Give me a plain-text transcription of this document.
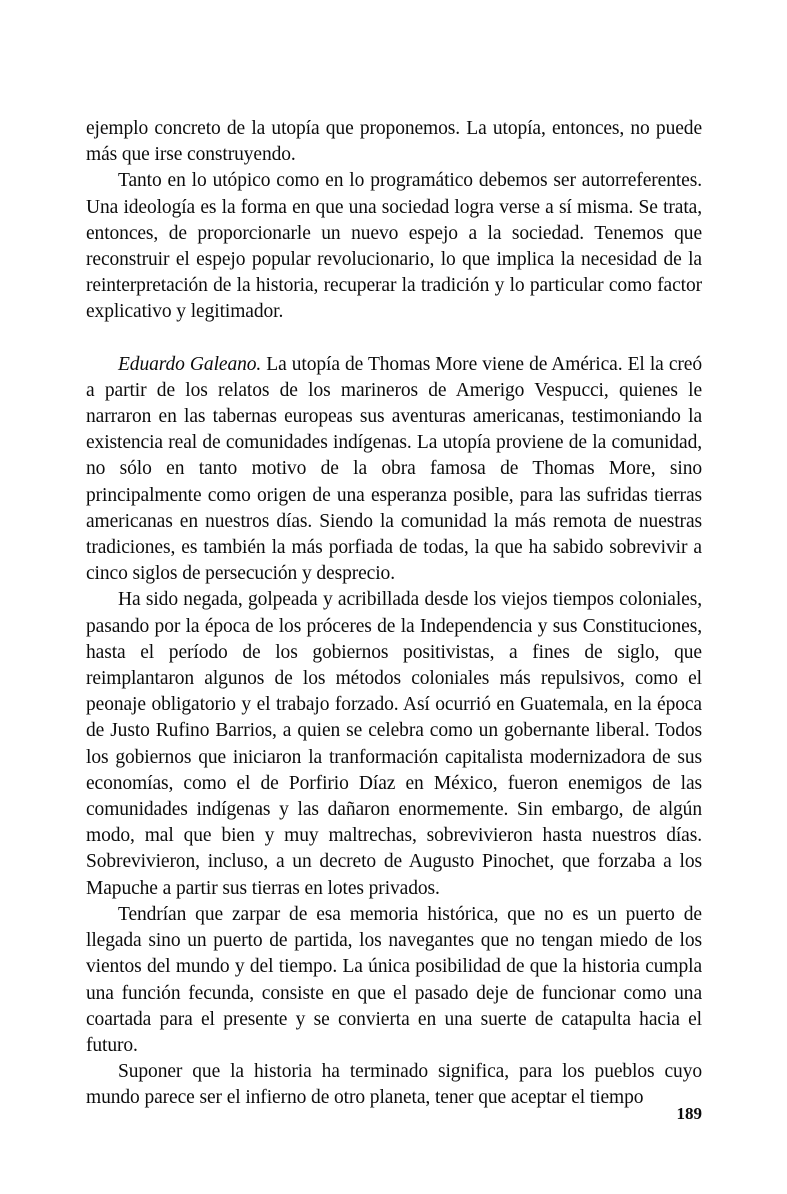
ejemplo concreto de la utopía que proponemos. La utopía, entonces, no puede más que irse construyendo.

Tanto en lo utópico como en lo programático debemos ser autorreferentes. Una ideología es la forma en que una sociedad logra verse a sí misma. Se trata, entonces, de proporcionarle un nuevo espejo a la sociedad. Tenemos que reconstruir el espejo popular revolucionario, lo que implica la necesidad de la reinterpretación de la historia, recuperar la tradición y lo particular como factor explicativo y legitimador.

Eduardo Galeano. La utopía de Thomas More viene de América. El la creó a partir de los relatos de los marineros de Amerigo Vespucci, quienes le narraron en las tabernas europeas sus aventuras americanas, testimoniando la existencia real de comunidades indígenas. La utopía proviene de la comunidad, no sólo en tanto motivo de la obra famosa de Thomas More, sino principalmente como origen de una esperanza posible, para las sufridas tierras americanas en nuestros días. Siendo la comunidad la más remota de nuestras tradiciones, es también la más porfiada de todas, la que ha sabido sobrevivir a cinco siglos de persecución y desprecio.

Ha sido negada, golpeada y acribillada desde los viejos tiempos coloniales, pasando por la época de los próceres de la Independencia y sus Constituciones, hasta el período de los gobiernos positivistas, a fines de siglo, que reimplantaron algunos de los métodos coloniales más repulsivos, como el peonaje obligatorio y el trabajo forzado. Así ocurrió en Guatemala, en la época de Justo Rufino Barrios, a quien se celebra como un gobernante liberal. Todos los gobiernos que iniciaron la tranformación capitalista modernizadora de sus economías, como el de Porfirio Díaz en México, fueron enemigos de las comunidades indígenas y las dañaron enormemente. Sin embargo, de algún modo, mal que bien y muy maltrechas, sobrevivieron hasta nuestros días. Sobrevivieron, incluso, a un decreto de Augusto Pinochet, que forzaba a los Mapuche a partir sus tierras en lotes privados.

Tendrían que zarpar de esa memoria histórica, que no es un puerto de llegada sino un puerto de partida, los navegantes que no tengan miedo de los vientos del mundo y del tiempo. La única posibilidad de que la historia cumpla una función fecunda, consiste en que el pasado deje de funcionar como una coartada para el presente y se convierta en una suerte de catapulta hacia el futuro.

Suponer que la historia ha terminado significa, para los pueblos cuyo mundo parece ser el infierno de otro planeta, tener que aceptar el tiempo

189
